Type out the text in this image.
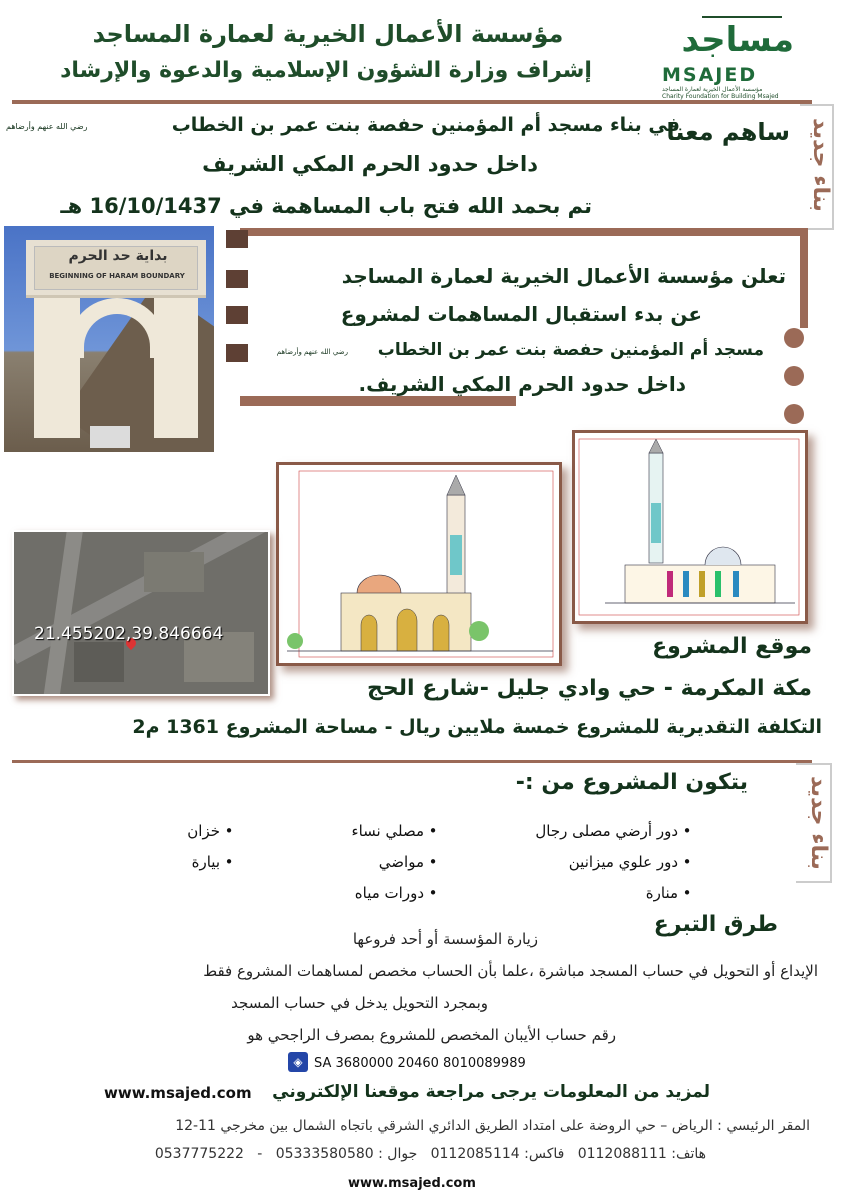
مؤسسة الأعمال الخيرية لعمارة المساجد
إشراف وزارة الشؤون الإسلامية والدعوة والإرشاد
مساجد
MSAJED
مؤسسة الأعمال الخيرية لعمارة المساجد
Charity Foundation for Building Msajed
بناء جديد
ساهم معنا
في بناء مسجد أم المؤمنين حفصة بنت عمر بن الخطاب
رضي الله عنهم وأرضاهم
داخل حدود الحرم المكي الشريف
تم بحمد الله فتح باب المساهمة في 16/10/1437 هـ
بداية حد الحرم
BEGINNING OF HARAM BOUNDARY	تعلن مؤسسة الأعمال الخيرية لعمارة المساجد
عن بدء استقبال المساهمات لمشروع
مسجد أم المؤمنين حفصة بنت عمر بن الخطاب
رضي الله عنهم وأرضاهم
داخل حدود الحرم المكي الشريف.
21.455202,39.846664	موقع المشروع
مكة المكرمة - حي وادي جليل -شارع الحج
التكلفة التقديرية للمشروع خمسة ملايين ريال - مساحة المشروع 1361 م2
بناء جديد
يتكون المشروع من :-
•دور أرضي مصلى رجال
•دور علوي ميزانين
•منارة
•مصلي نساء
•مواضي
•دورات مياه
•خزان
•بيارة
طرق التبرع
زيارة المؤسسة أو أحد فروعها
الإيداع أو التحويل في حساب المسجد مباشرة ،علما بأن الحساب مخصص لمساهمات المشروع فقط
وبمجرد التحويل يدخل في حساب المسجد
رقم حساب الأيبان المخصص للمشروع بمصرف الراجحي هو
◈ SA 3680000 20460 8010089989
لمزيد من المعلومات يرجى مراجعة موقعنا الإلكتروني
www.msajed.com
المقر الرئيسي : الرياض – حي الروضة على امتداد الطريق الدائري الشرقي باتجاه الشمال بين مخرجي 11-12
هاتف: 0112088111   فاكس: 0112085114   جوال : 05333580580   -   0537775222
www.msajed.com
